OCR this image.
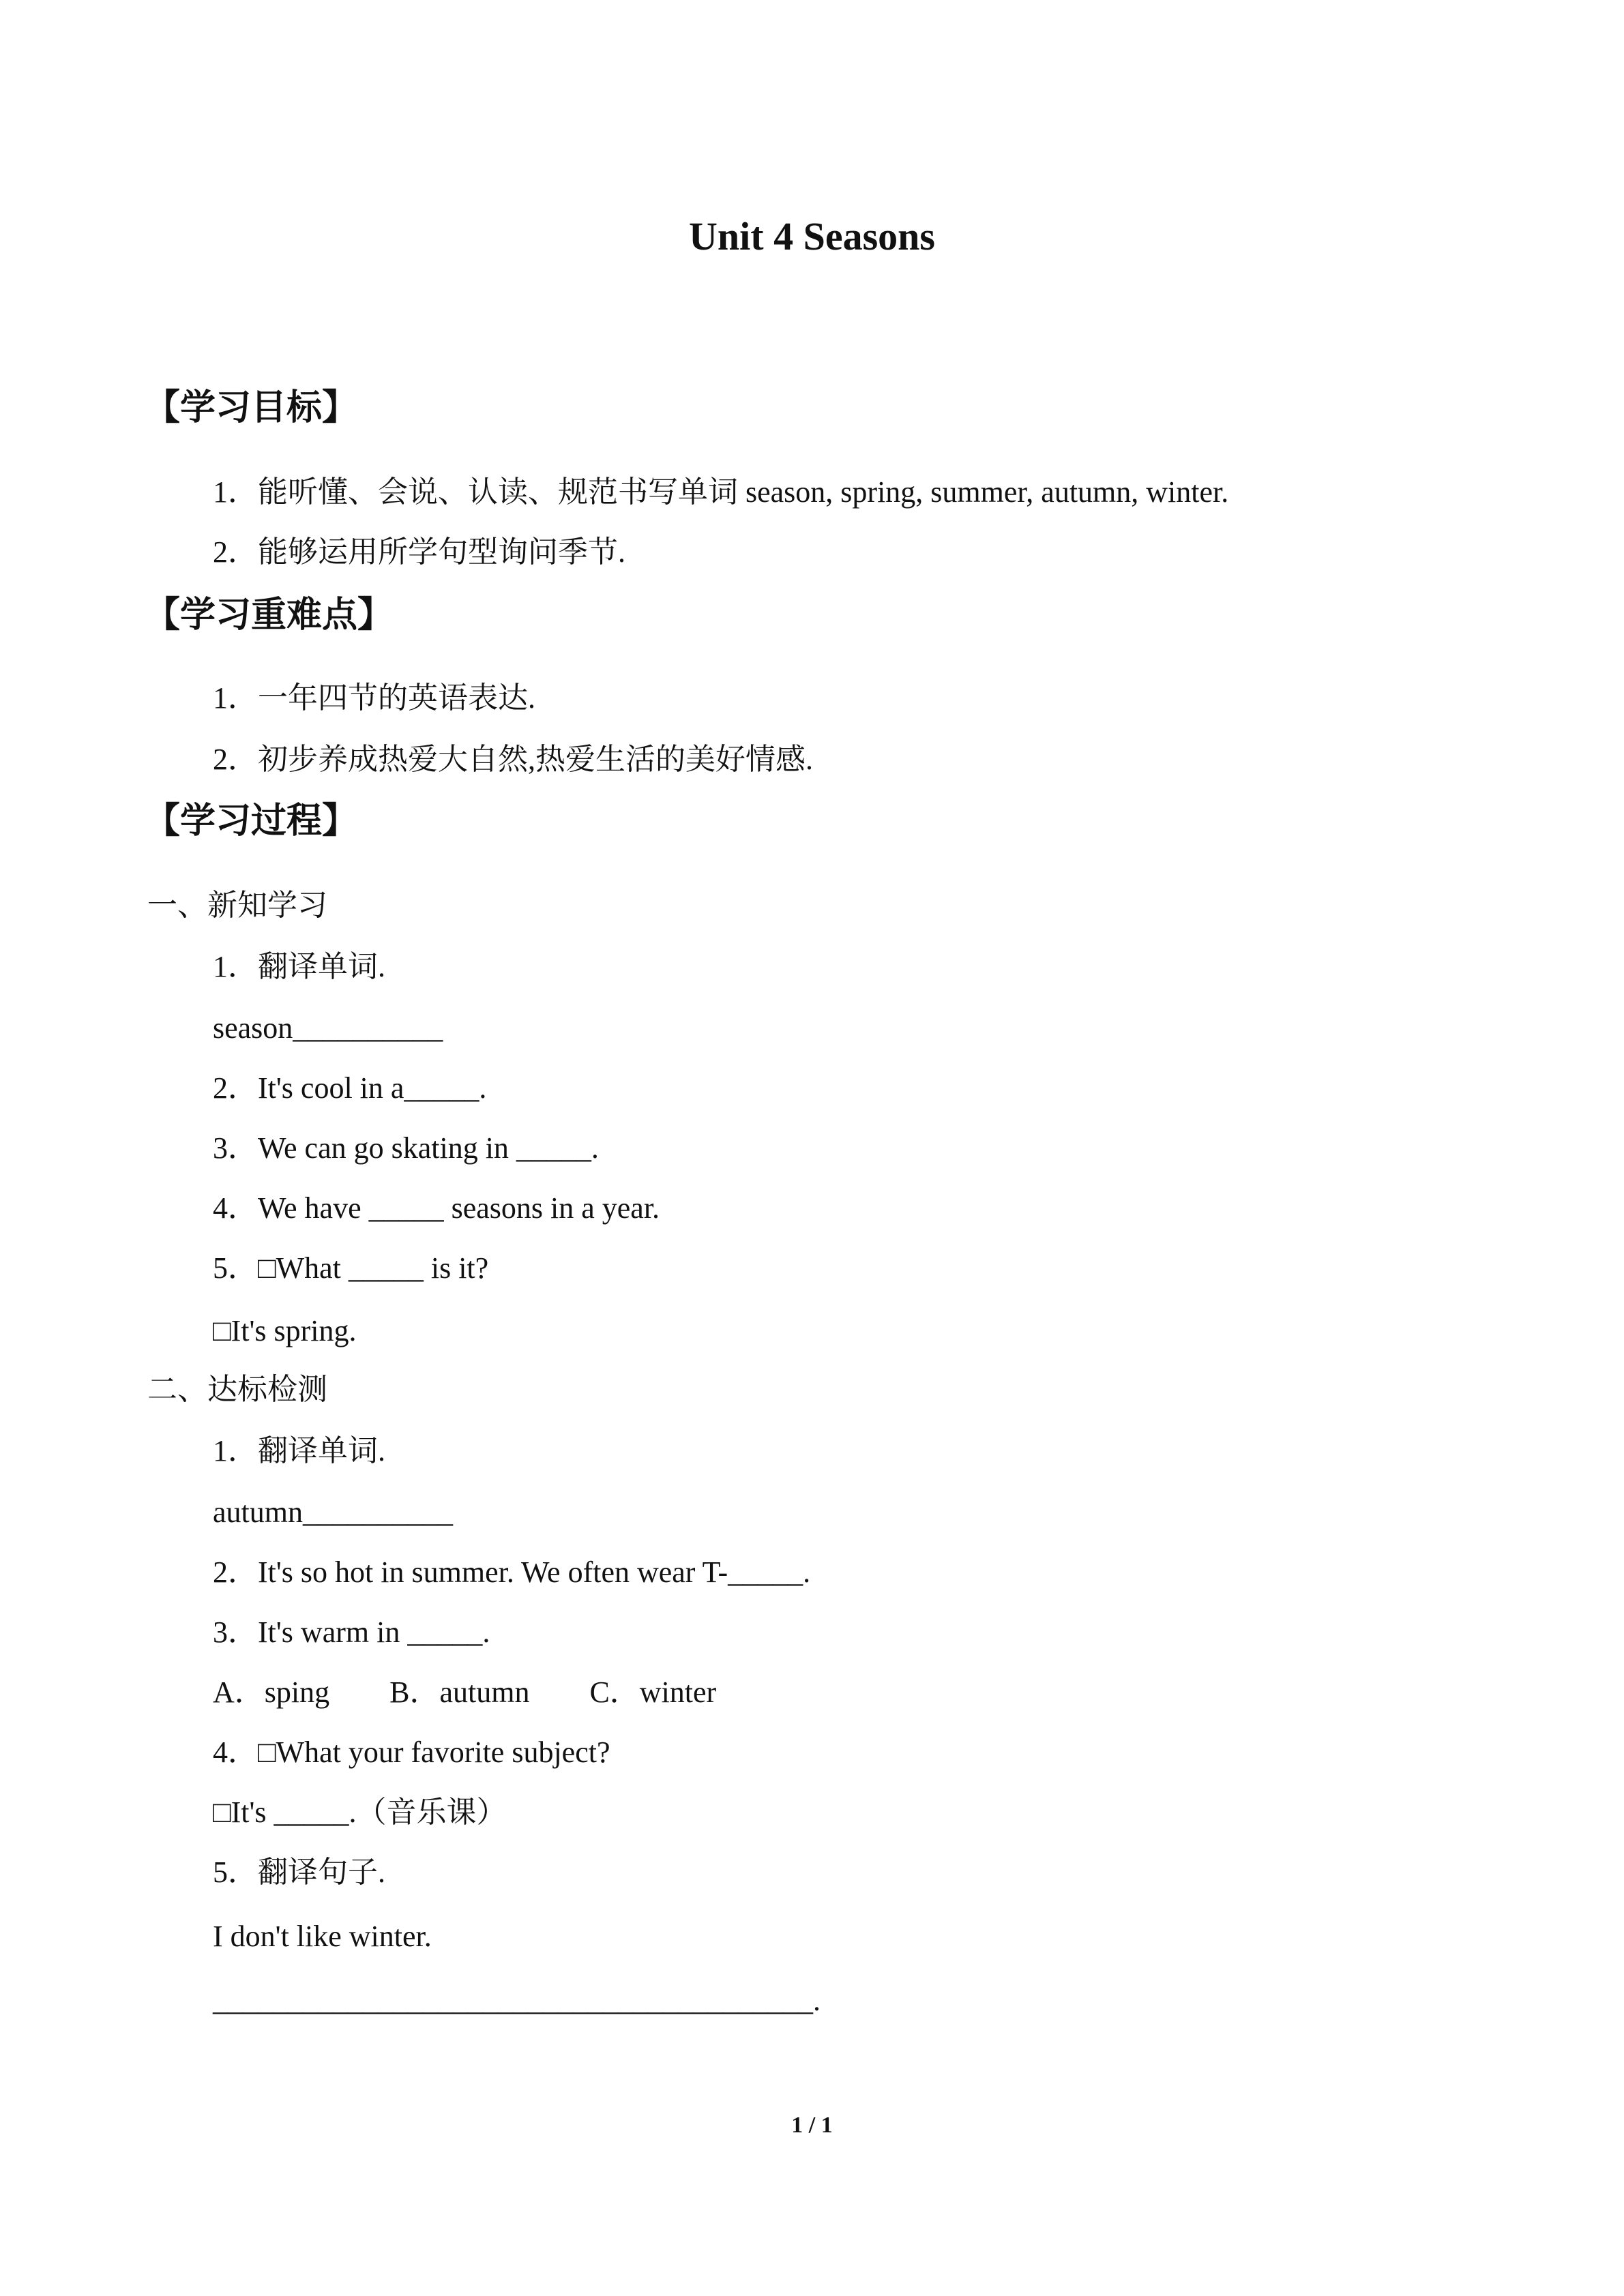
Unit 4 Seasons
【学习目标】
1．能听懂、会说、认读、规范书写单词 season, spring, summer, autumn, winter.
2．能够运用所学句型询问季节.
【学习重难点】
1．一年四节的英语表达.
2．初步养成热爱大自然,热爱生活的美好情感.
【学习过程】
一、新知学习
1．翻译单词.
season__________
2．It's cool in a_____.
3．We can go skating in _____.
4．We have _____ seasons in a year.
5．□What _____ is it?
□It's spring.
二、达标检测
1．翻译单词.
autumn__________
2．It's so hot in summer. We often wear T-_____.
3．It's warm in _____.
A．sping        B．autumn        C．winter
4．□What your favorite subject?
□It's _____.（音乐课）
5．翻译句子.
I don't like winter.
________________________________________.
1 / 1
